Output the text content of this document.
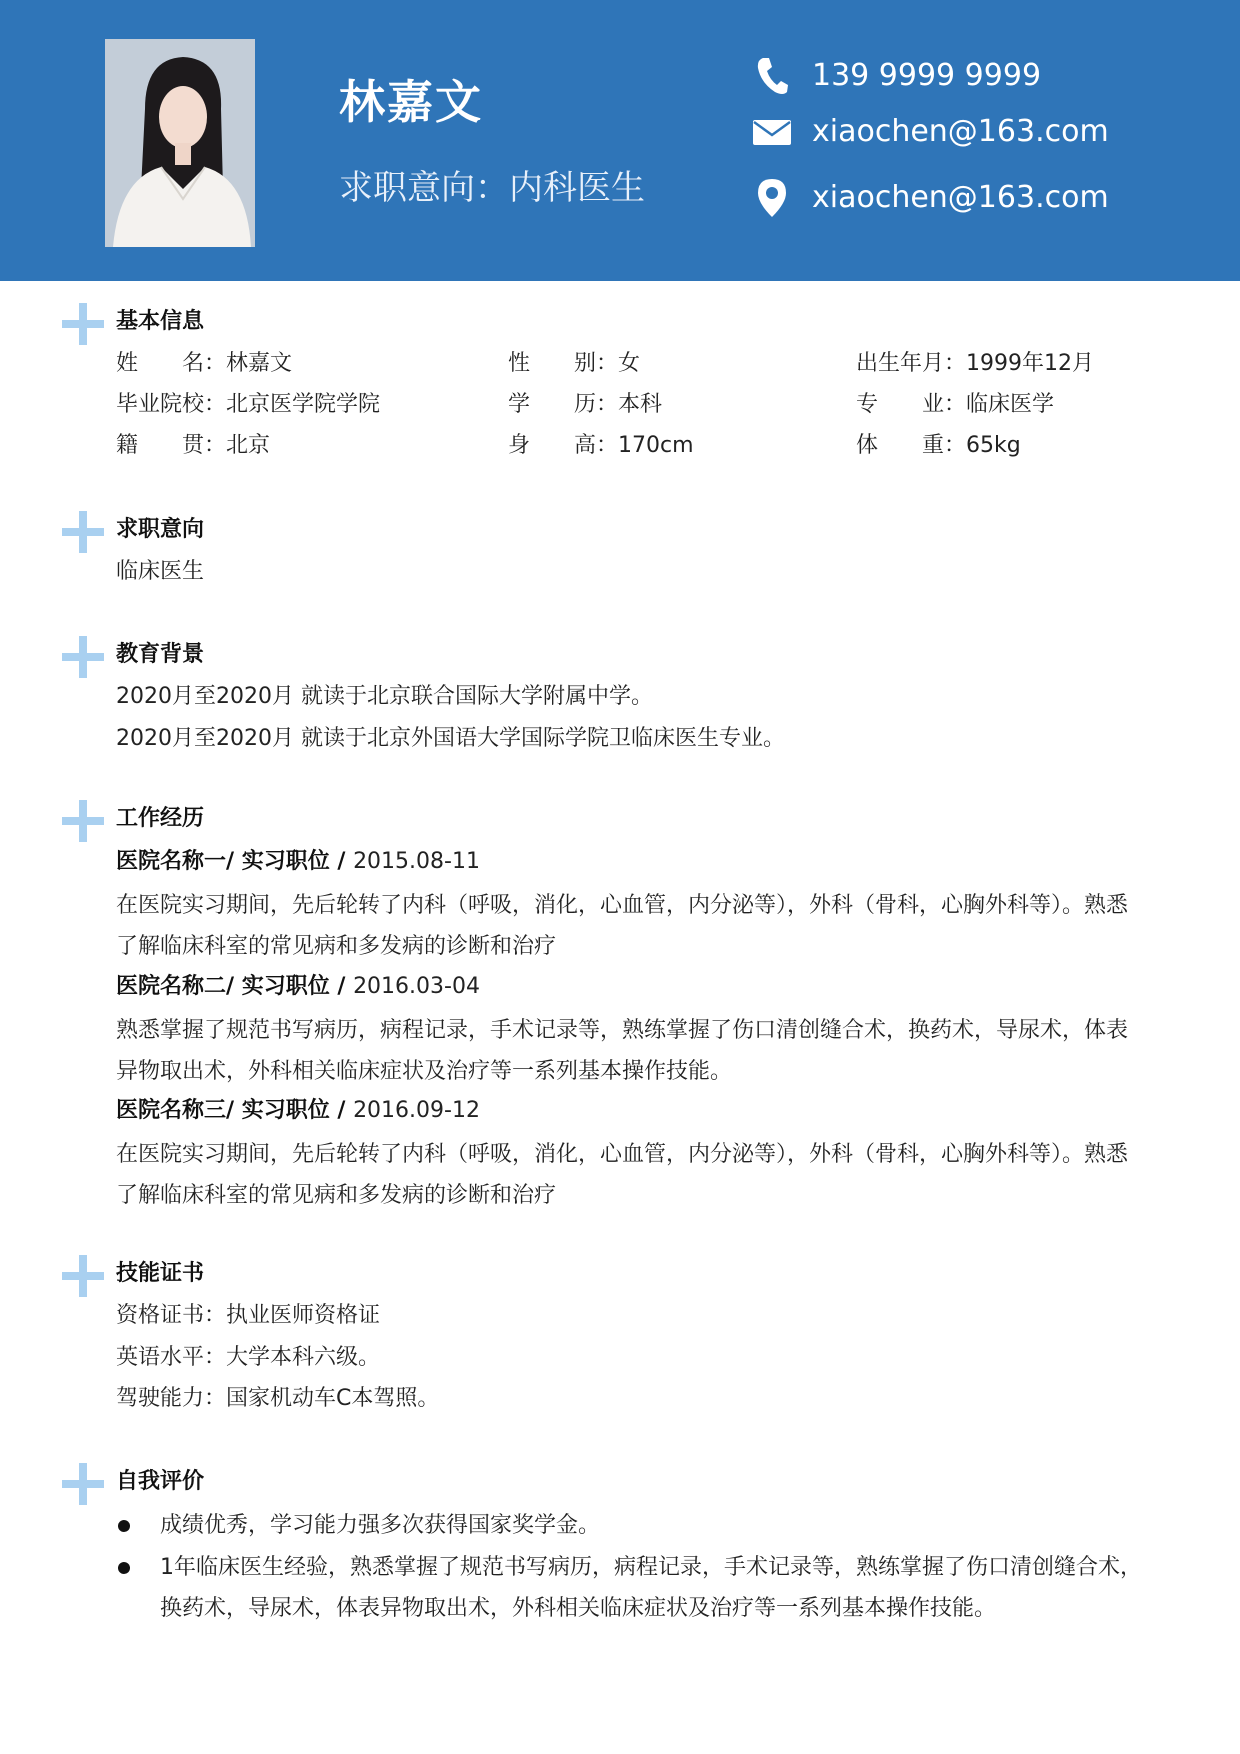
林嘉文
求职意向：内科医生
139 9999 9999
xiaochen@163.com
xiaochen@163.com
基本信息
姓　　名：林嘉文	性　　别：女	出生年月：1999年12月
毕业院校：北京医学院学院	学　　历：本科	专　　业：临床医学
籍　　贯：北京	身　　高：170cm	体　　重：65kg
求职意向
临床医生
教育背景
2020月至2020月 就读于北京联合国际大学附属中学。
2020月至2020月 就读于北京外国语大学国际学院卫临床医生专业。
工作经历
医院名称一/ 实习职位 / 2015.08-11
在医院实习期间，先后轮转了内科（呼吸，消化，心血管，内分泌等），外科（骨科，心胸外科等）。熟悉了解临床科室的常见病和多发病的诊断和治疗
医院名称二/ 实习职位 / 2016.03-04
熟悉掌握了规范书写病历，病程记录，手术记录等，熟练掌握了伤口清创缝合术，换药术，导尿术，体表异物取出术，外科相关临床症状及治疗等一系列基本操作技能。
医院名称三/ 实习职位 / 2016.09-12
在医院实习期间，先后轮转了内科（呼吸，消化，心血管，内分泌等），外科（骨科，心胸外科等）。熟悉了解临床科室的常见病和多发病的诊断和治疗
技能证书
资格证书：执业医师资格证
英语水平：大学本科六级。
驾驶能力：国家机动车C本驾照。
自我评价
成绩优秀，学习能力强多次获得国家奖学金。
1年临床医生经验，熟悉掌握了规范书写病历，病程记录，手术记录等，熟练掌握了伤口清创缝合术，换药术，导尿术，体表异物取出术，外科相关临床症状及治疗等一系列基本操作技能。
